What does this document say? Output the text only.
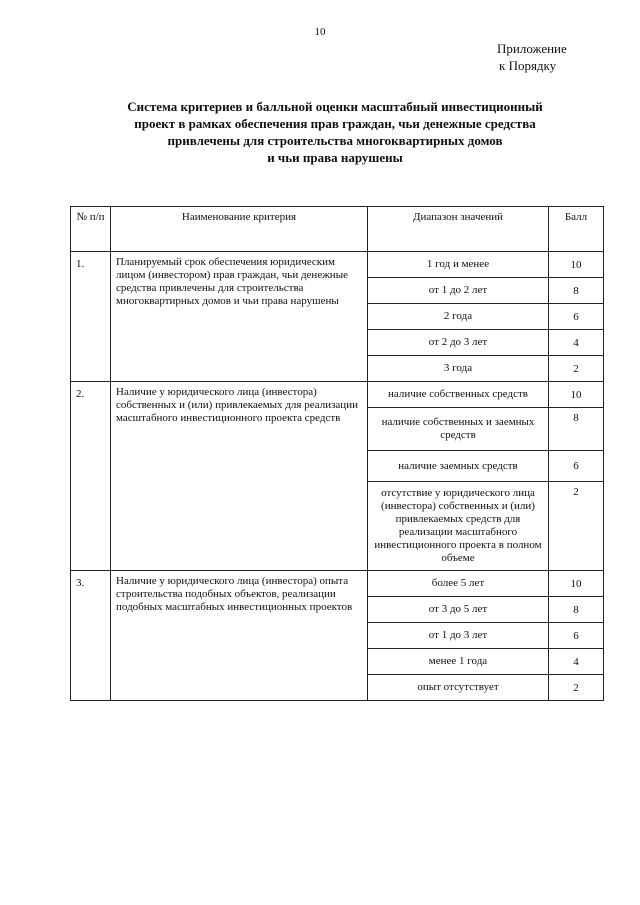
10
Приложение
к Порядку
Система критериев и балльной оценки масштабный инвестиционный
проект в рамках обеспечения прав граждан, чьи денежные средства
привлечены для строительства многоквартирных домов
и чьи права нарушены
№ п/п	Наименование критерия	Диапазон значений	Балл
1.	Планируемый срок обеспечения юридическим лицом (инвестором) прав граждан, чьи денежные средства привлечены для строительства многоквартирных домов и чьи права нарушены	1 год и менее	10
		от 1 до 2 лет	8
		2 года	6
		от 2 до 3 лет	4
		3 года	2
2.	Наличие у юридического лица (инвестора) собственных и (или) привлекаемых для реализации масштабного инвестиционного проекта средств	наличие собственных средств	10
		наличие собственных и заемных средств	8
		наличие заемных средств	6
		отсутствие у юридического лица (инвестора) собственных и (или) привлекаемых средств для реализации масштабного инвестиционного проекта в полном объеме	2
3.	Наличие у юридического лица (инвестора) опыта строительства подобных объектов, реализации подобных масштабных инвестиционных проектов	более 5 лет	10
		от 3 до 5 лет	8
		от 1 до 3 лет	6
		менее 1 года	4
		опыт отсутствует	2
